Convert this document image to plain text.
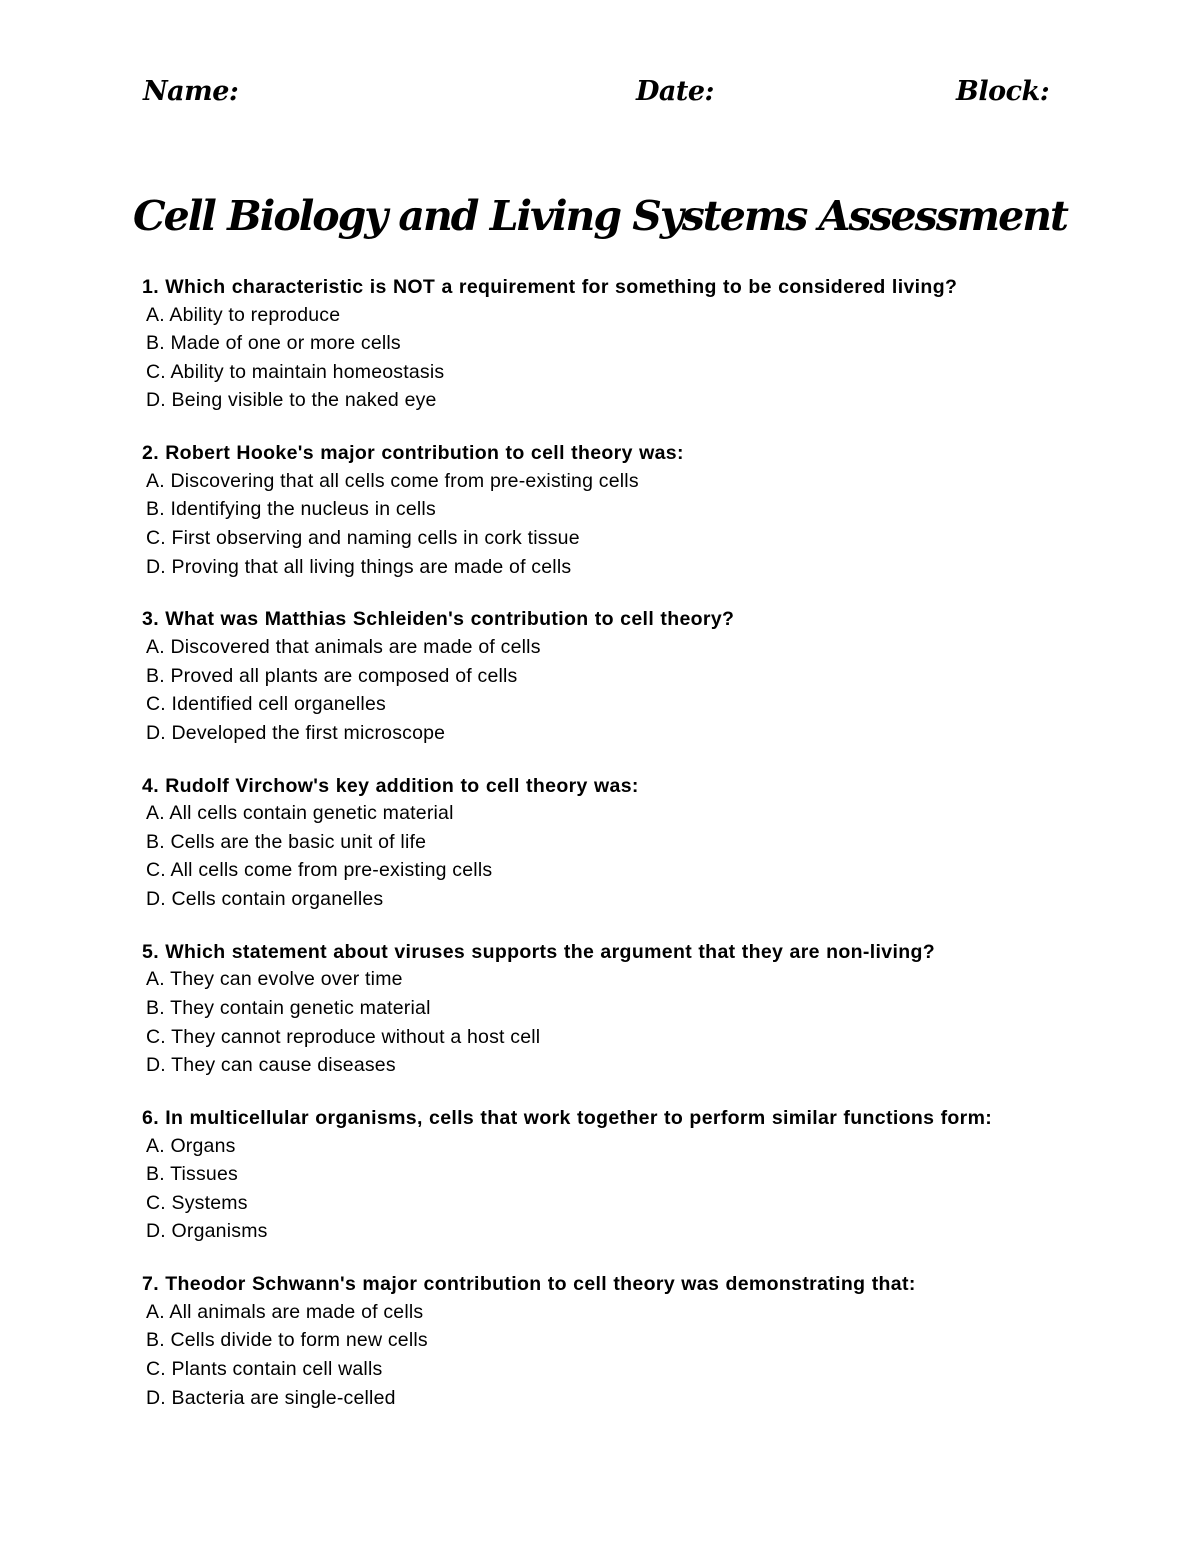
Name:	Date:	Block:
Cell Biology and Living Systems Assessment
1. Which characteristic is NOT a requirement for something to be considered living?
A. Ability to reproduce
B. Made of one or more cells
C. Ability to maintain homeostasis
D. Being visible to the naked eye
2. Robert Hooke's major contribution to cell theory was:
A. Discovering that all cells come from pre-existing cells
B. Identifying the nucleus in cells
C. First observing and naming cells in cork tissue
D. Proving that all living things are made of cells
3. What was Matthias Schleiden's contribution to cell theory?
A. Discovered that animals are made of cells
B. Proved all plants are composed of cells
C. Identified cell organelles
D. Developed the first microscope
4. Rudolf Virchow's key addition to cell theory was:
A. All cells contain genetic material
B. Cells are the basic unit of life
C. All cells come from pre-existing cells
D. Cells contain organelles
5. Which statement about viruses supports the argument that they are non-living?
A. They can evolve over time
B. They contain genetic material
C. They cannot reproduce without a host cell
D. They can cause diseases
6. In multicellular organisms, cells that work together to perform similar functions form:
A. Organs
B. Tissues
C. Systems
D. Organisms
7. Theodor Schwann's major contribution to cell theory was demonstrating that:
A. All animals are made of cells
B. Cells divide to form new cells
C. Plants contain cell walls
D. Bacteria are single-celled
